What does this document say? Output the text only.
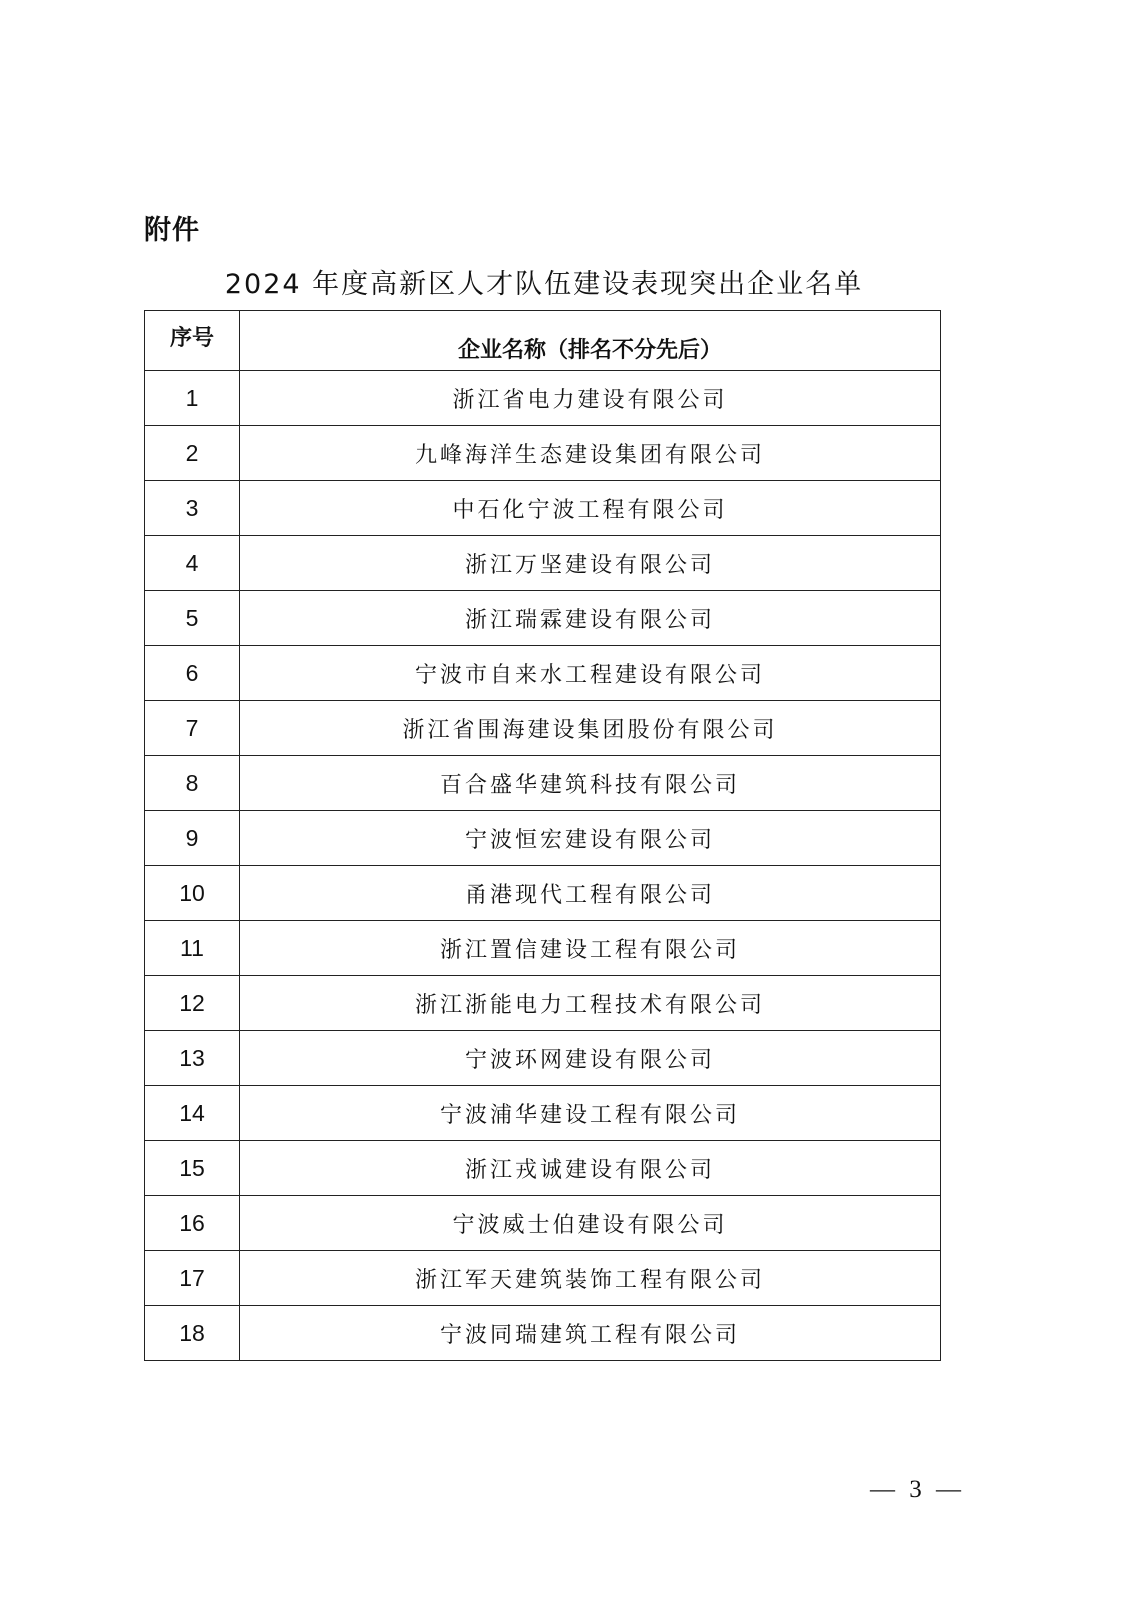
附件

2024 年度高新区人才队伍建设表现突出企业名单

序号	企业名称（排名不分先后）
1	浙江省电力建设有限公司
2	九峰海洋生态建设集团有限公司
3	中石化宁波工程有限公司
4	浙江万坚建设有限公司
5	浙江瑞霖建设有限公司
6	宁波市自来水工程建设有限公司
7	浙江省围海建设集团股份有限公司
8	百合盛华建筑科技有限公司
9	宁波恒宏建设有限公司
10	甬港现代工程有限公司
11	浙江置信建设工程有限公司
12	浙江浙能电力工程技术有限公司
13	宁波环网建设有限公司
14	宁波浦华建设工程有限公司
15	浙江戎诚建设有限公司
16	宁波威士伯建设有限公司
17	浙江军天建筑装饰工程有限公司
18	宁波同瑞建筑工程有限公司

— 3 —
